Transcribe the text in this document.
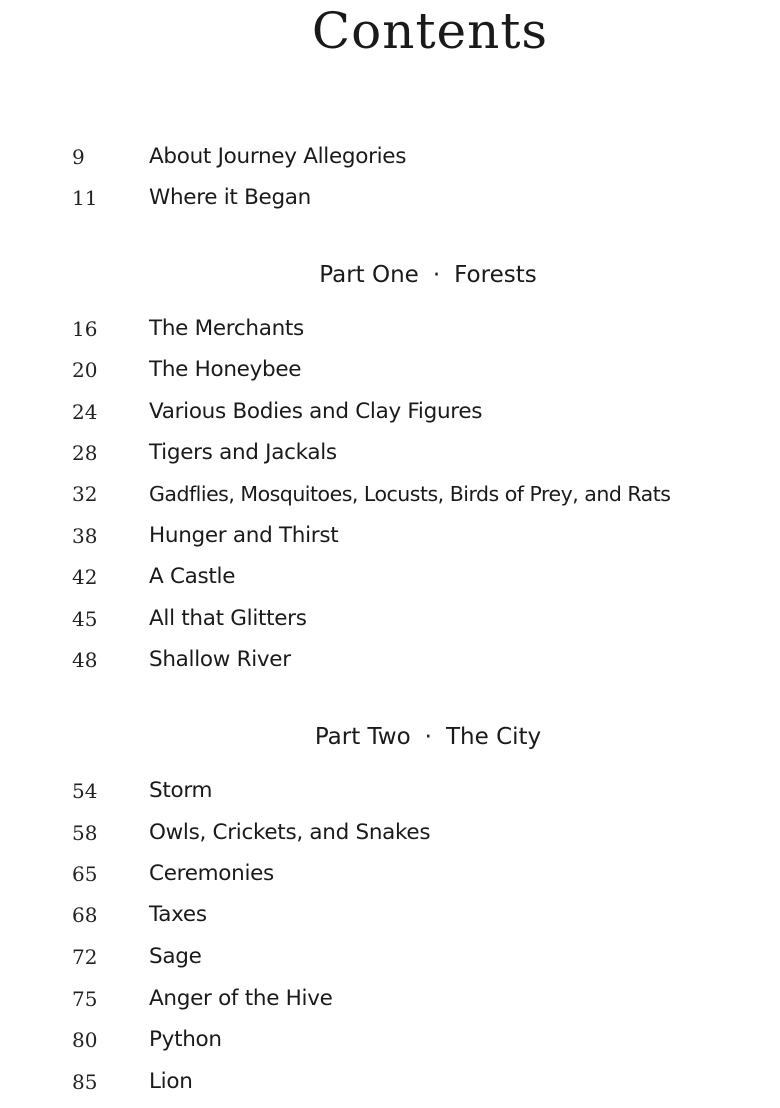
Contents
9	About Journey Allegories
11	Where it Began
Part One · Forests
16	The Merchants
20	The Honeybee
24	Various Bodies and Clay Figures
28	Tigers and Jackals
32	Gadflies, Mosquitoes, Locusts, Birds of Prey, and Rats
38	Hunger and Thirst
42	A Castle
45	All that Glitters
48	Shallow River
Part Two · The City
54	Storm
58	Owls, Crickets, and Snakes
65	Ceremonies
68	Taxes
72	Sage
75	Anger of the Hive
80	Python
85	Lion
